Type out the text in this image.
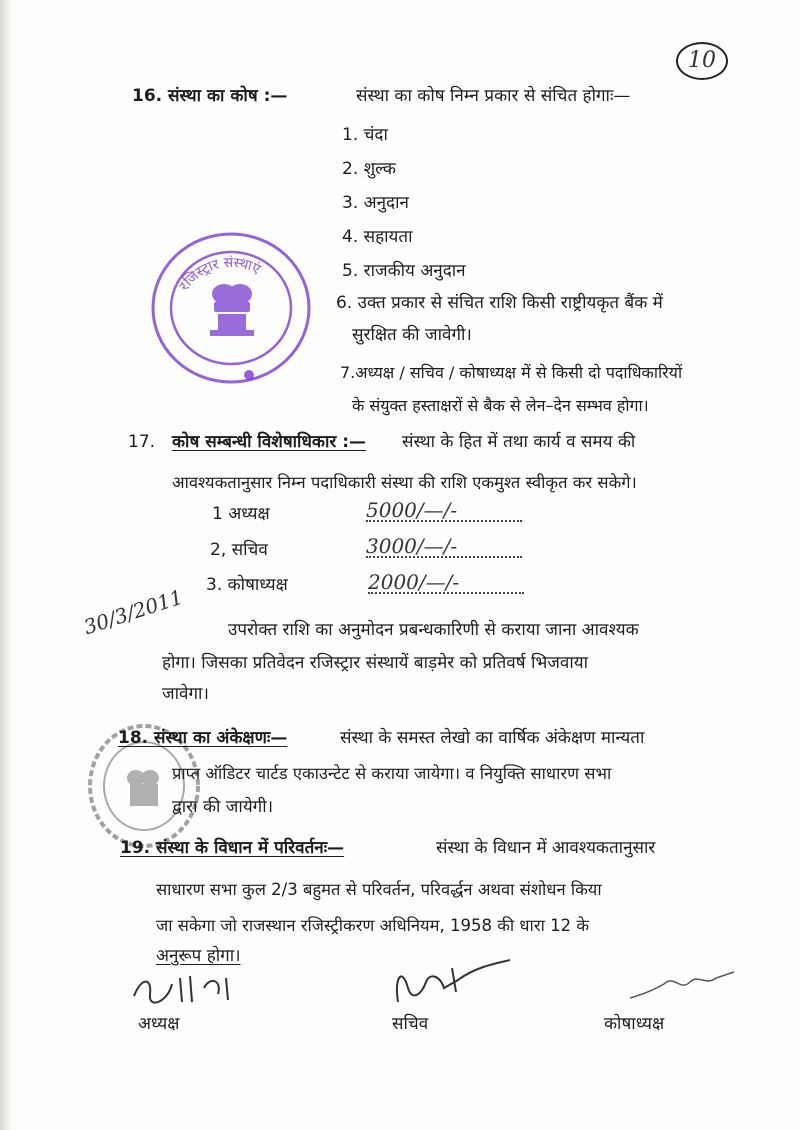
10
16. संस्था का कोष :—	संस्था का कोष निम्न प्रकार से संचित होगाः—
1. चंदा
2. शुल्क
3. अनुदान
4. सहायता
5. राजकीय अनुदान
6. उक्त प्रकार से संचित राशि किसी राष्ट्रीयकृत बैंक में
सुरक्षित की जावेगी।
7.अध्यक्ष / सचिव / कोषाध्यक्ष में से किसी दो पदाधिकारियों
के संयुक्त हस्ताक्षरों से बैक से लेन–देन सम्भव होगा।
रजिस्ट्रार संस्थाएं
17. कोष सम्बन्धी विशेषाधिकार :— संस्था के हित में तथा कार्य व समय की
आवश्यकतानुसार निम्न पदाधिकारी संस्था की राशि एकमुश्त स्वीकृत कर सकेगे।
1 अध्यक्ष	5000/—/-
2, सचिव	3000/—/-
3. कोषाध्यक्ष	2000/—/-
30/3/2011 उपरोक्त राशि का अनुमोदन प्रबन्धकारिणी से कराया जाना आवश्यक
होगा। जिसका प्रतिवेदन रजिस्ट्रार संस्थायें बाड़मेर को प्रतिवर्ष भिजवाया
जावेगा।
18. संस्था का अंकेक्षणः—	संस्था के समस्त लेखो का वार्षिक अंकेक्षण मान्यता
प्राप्त ऑडिटर चार्टड एकाउन्टेट से कराया जायेगा। व नियुक्ति साधारण सभा
द्वारा की जायेगी।
19. संस्था के विधान में परिवर्तनः—	संस्था के विधान में आवश्यकतानुसार
साधारण सभा कुल 2/3 बहुमत से परिवर्तन, परिवर्द्धन अथवा संशोधन किया
जा सकेगा जो राजस्थान रजिस्ट्रीकरण अधिनियम, 1958 की धारा 12 के
अनुरूप होगा।
अध्यक्ष	सचिव	कोषाध्यक्ष
